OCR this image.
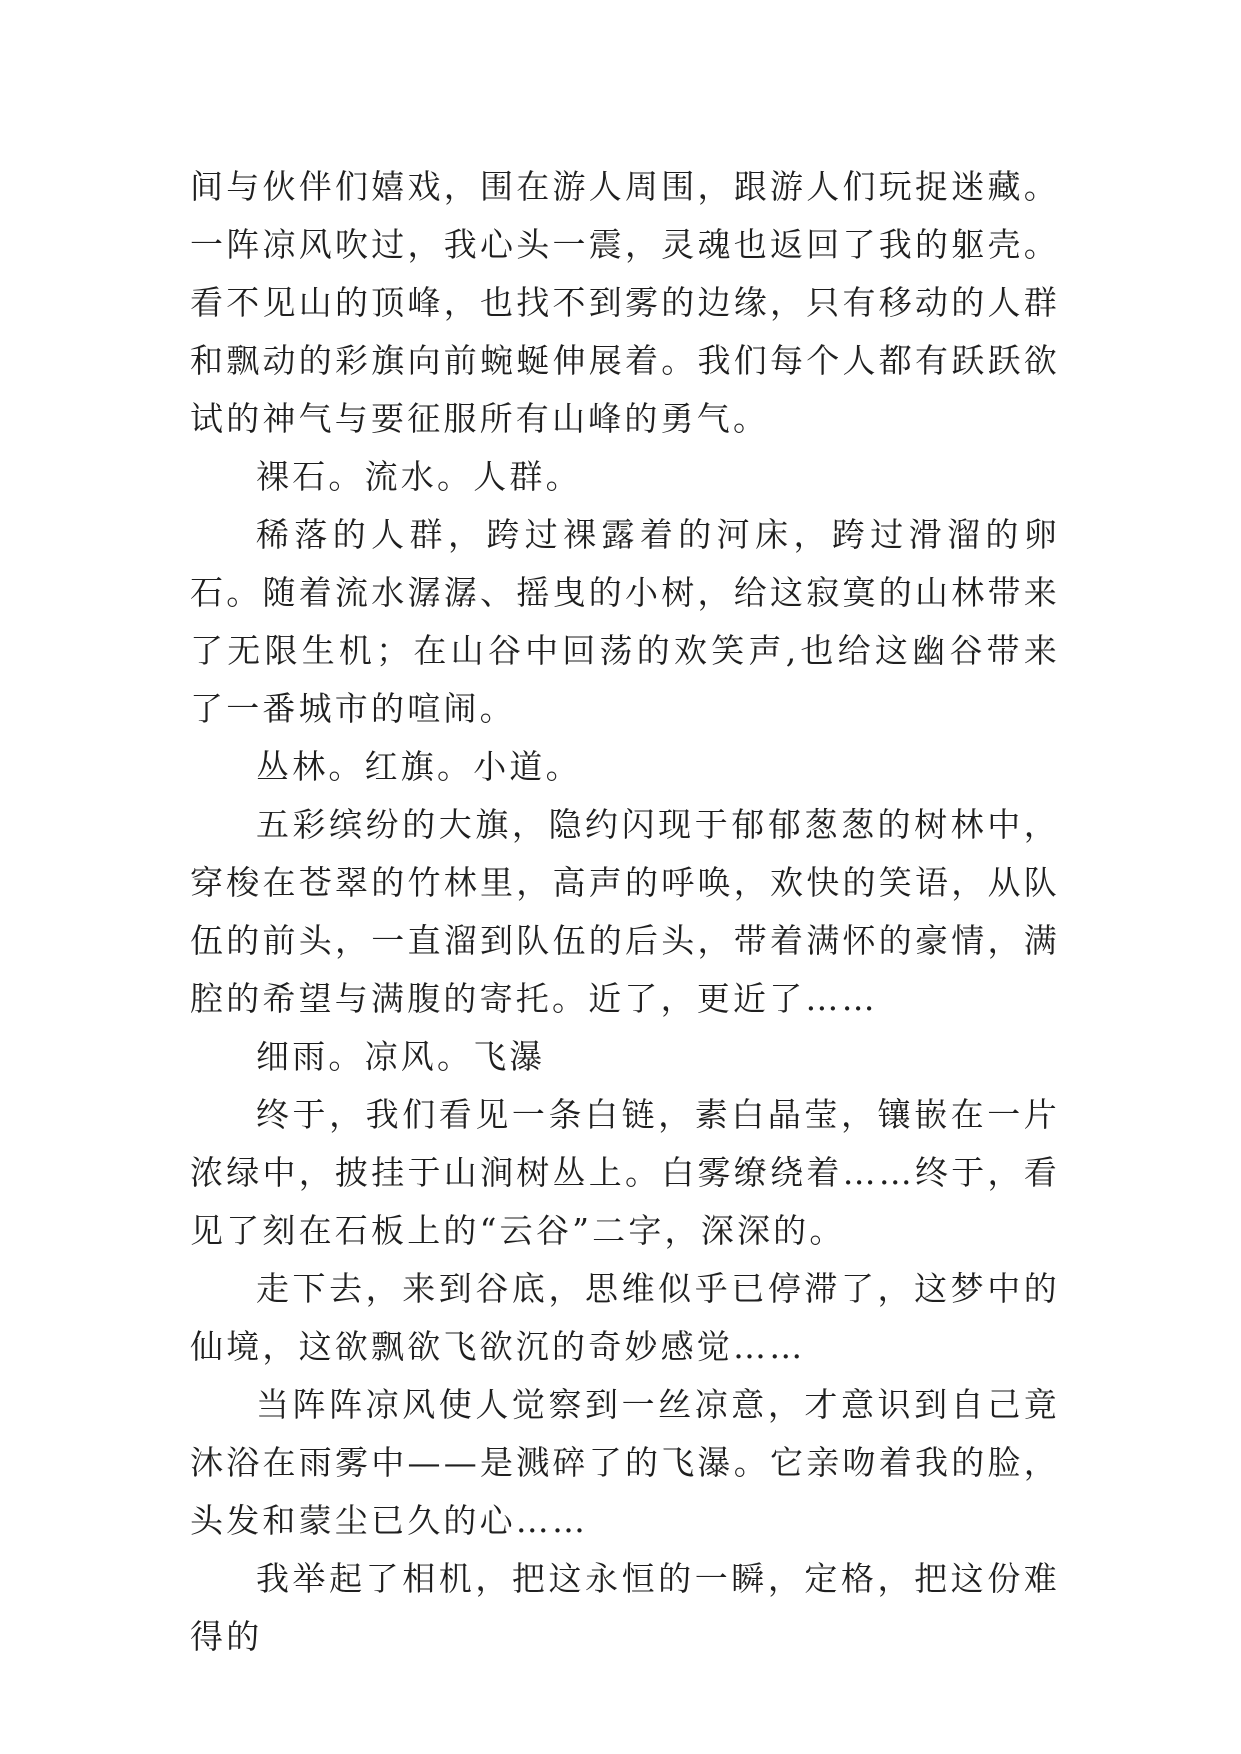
间与伙伴们嬉戏，围在游人周围，跟游人们玩捉迷藏。一阵凉风吹过，我心头一震，灵魂也返回了我的躯壳。看不见山的顶峰，也找不到雾的边缘，只有移动的人群和飘动的彩旗向前蜿蜒伸展着。我们每个人都有跃跃欲试的神气与要征服所有山峰的勇气。

裸石。流水。人群。

稀落的人群，跨过裸露着的河床，跨过滑溜的卵石。随着流水潺潺、摇曳的小树，给这寂寞的山林带来了无限生机；在山谷中回荡的欢笑声,也给这幽谷带来了一番城市的喧闹。

丛林。红旗。小道。

五彩缤纷的大旗，隐约闪现于郁郁葱葱的树林中，穿梭在苍翠的竹林里，高声的呼唤，欢快的笑语，从队伍的前头，一直溜到队伍的后头，带着满怀的豪情，满腔的希望与满腹的寄托。近了，更近了……

细雨。凉风。飞瀑

终于，我们看见一条白链，素白晶莹，镶嵌在一片浓绿中，披挂于山涧树丛上。白雾缭绕着……终于，看见了刻在石板上的“云谷”二字，深深的。

走下去，来到谷底，思维似乎已停滞了，这梦中的仙境，这欲飘欲飞欲沉的奇妙感觉……

当阵阵凉风使人觉察到一丝凉意，才意识到自己竟沐浴在雨雾中——是溅碎了的飞瀑。它亲吻着我的脸，头发和蒙尘已久的心……

我举起了相机，把这永恒的一瞬，定格，把这份难得的
